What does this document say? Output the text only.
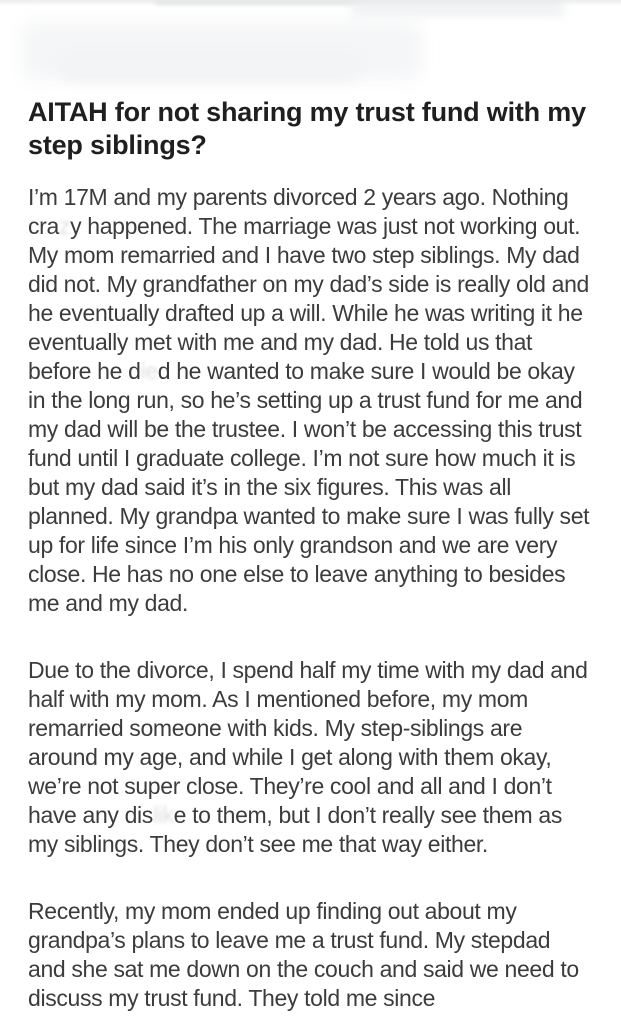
AITAH for not sharing my trust fund with my step siblings?

I’m 17M and my parents divorced 2 years ago. Nothing crazy happened. The marriage was just not working out. My mom remarried and I have two step siblings. My dad did not. My grandfather on my dad’s side is really old and he eventually drafted up a will. While he was writing it he eventually met with me and my dad. He told us that before he died he wanted to make sure I would be okay in the long run, so he’s setting up a trust fund for me and my dad will be the trustee. I won’t be accessing this trust fund until I graduate college. I’m not sure how much it is but my dad said it’s in the six figures. This was all planned. My grandpa wanted to make sure I was fully set up for life since I’m his only grandson and we are very close. He has no one else to leave anything to besides me and my dad.

Due to the divorce, I spend half my time with my dad and half with my mom. As I mentioned before, my mom remarried someone with kids. My step-siblings are around my age, and while I get along with them okay, we’re not super close. They’re cool and all and I don’t have any dislike to them, but I don’t really see them as my siblings. They don’t see me that way either.

Recently, my mom ended up finding out about my grandpa’s plans to leave me a trust fund. My stepdad and she sat me down on the couch and said we need to discuss my trust fund. They told me since
